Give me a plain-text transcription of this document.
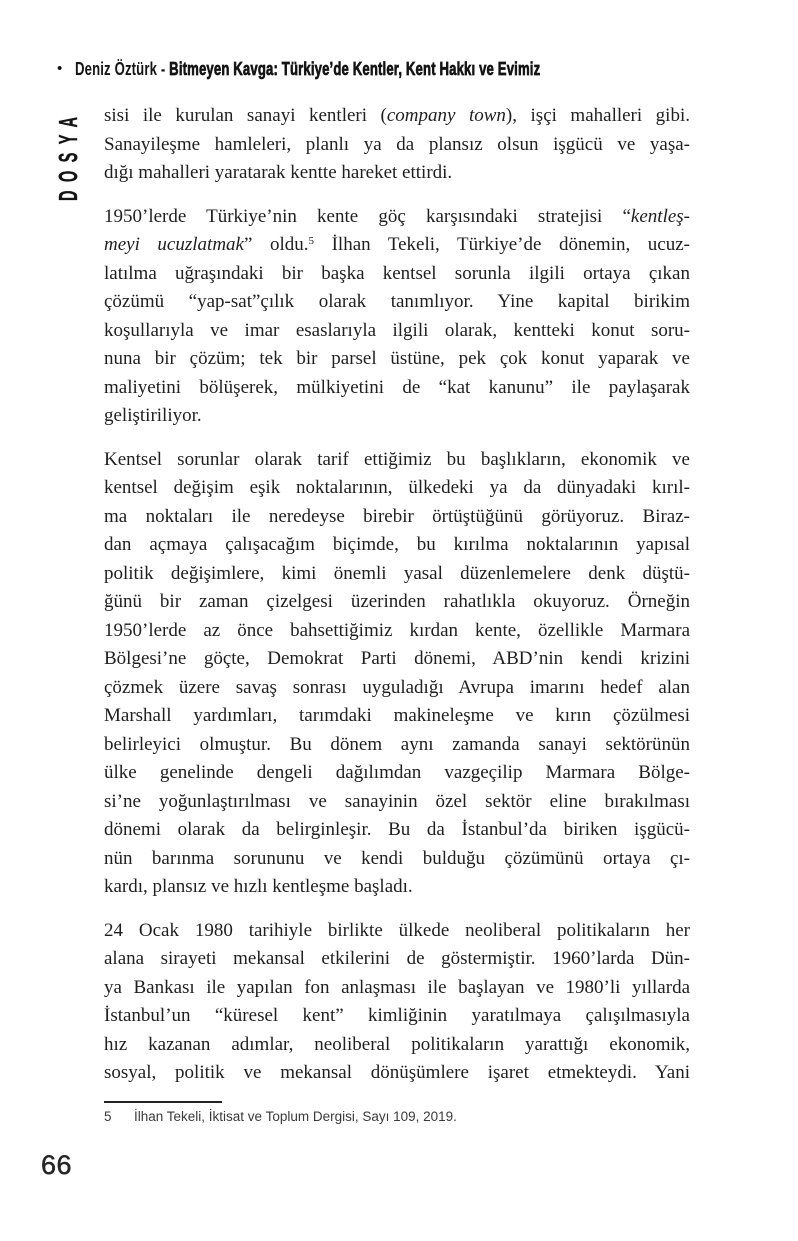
• Deniz Öztürk - Bitmeyen Kavga: Türkiye’de Kentler, Kent Hakkı ve Evimiz
DOSYA sisi ile kurulan sanayi kentleri (company town), işçi mahalleri gibi.
Sanayileşme hamleleri, planlı ya da plansız olsun işgücü ve yaşa-
dığı mahalleri yaratarak kentte hareket ettirdi.
1950’lerde Türkiye’nin kente göç karşısındaki stratejisi “kentleş-
meyi ucuzlatmak” oldu.$^5$ İlhan Tekeli, Türkiye’de dönemin, ucuz-
latılma uğraşındaki bir başka kentsel sorunla ilgili ortaya çıkan
çözümü “yap-sat”çılık olarak tanımlıyor. Yine kapital birikim
koşullarıyla ve imar esaslarıyla ilgili olarak, kentteki konut soru-
nuna bir çözüm; tek bir parsel üstüne, pek çok konut yaparak ve
maliyetini bölüşerek, mülkiyetini de “kat kanunu” ile paylaşarak
geliştiriliyor.
Kentsel sorunlar olarak tarif ettiğimiz bu başlıkların, ekonomik ve
kentsel değişim eşik noktalarının, ülkedeki ya da dünyadaki kırıl-
ma noktaları ile neredeyse birebir örtüştüğünü görüyoruz. Biraz-
dan açmaya çalışacağım biçimde, bu kırılma noktalarının yapısal
politik değişimlere, kimi önemli yasal düzenlemelere denk düştü-
ğünü bir zaman çizelgesi üzerinden rahatlıkla okuyoruz. Örneğin
1950’lerde az önce bahsettiğimiz kırdan kente, özellikle Marmara
Bölgesi’ne göçte, Demokrat Parti dönemi, ABD’nin kendi krizini
çözmek üzere savaş sonrası uyguladığı Avrupa imarını hedef alan
Marshall yardımları, tarımdaki makineleşme ve kırın çözülmesi
belirleyici olmuştur. Bu dönem aynı zamanda sanayi sektörünün
ülke genelinde dengeli dağılımdan vazgeçilip Marmara Bölge-
si’ne yoğunlaştırılması ve sanayinin özel sektör eline bırakılması
dönemi olarak da belirginleşir. Bu da İstanbul’da biriken işgücü-
nün barınma sorununu ve kendi bulduğu çözümünü ortaya çı-
kardı, plansız ve hızlı kentleşme başladı.
24 Ocak 1980 tarihiyle birlikte ülkede neoliberal politikaların her
alana sirayeti mekansal etkilerini de göstermiştir. 1960’larda Dün-
ya Bankası ile yapılan fon anlaşması ile başlayan ve 1980’li yıllarda
İstanbul’un “küresel kent” kimliğinin yaratılmaya çalışılmasıyla
hız kazanan adımlar, neoliberal politikaların yarattığı ekonomik,
sosyal, politik ve mekansal dönüşümlere işaret etmekteydi. Yani
5	İlhan Tekeli, İktisat ve Toplum Dergisi, Sayı 109, 2019.
66
